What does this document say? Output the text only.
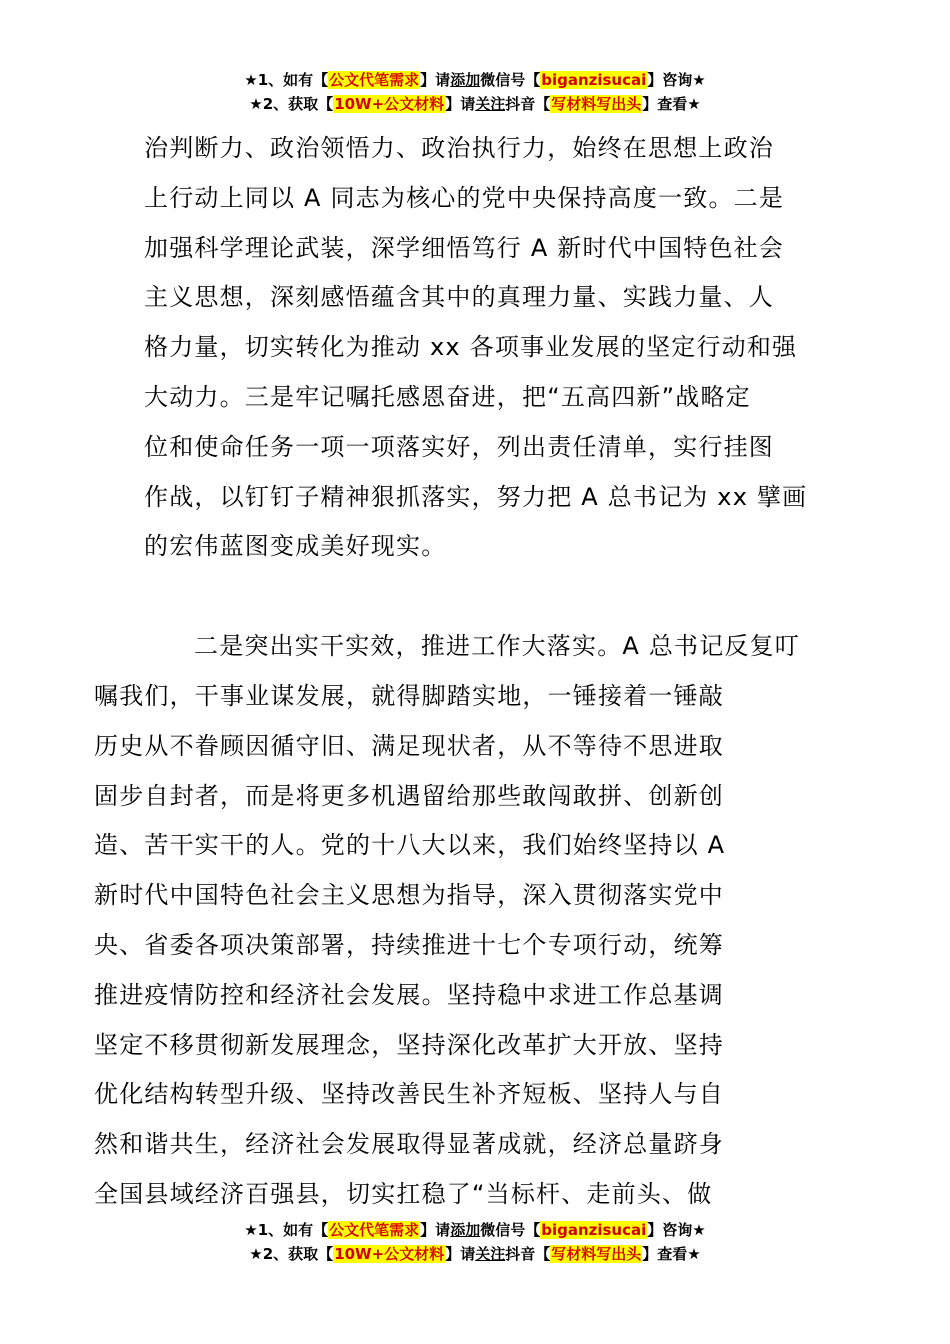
★1、如有【公文代笔需求】请添加微信号【biganzisucai】咨询★
★2、获取【10W+公文材料】请关注抖音【写材料写出头】查看★
治判断力、政治领悟力、政治执行力，始终在思想上政治
上行动上同以 A 同志为核心的党中央保持高度一致。二是
加强科学理论武装，深学细悟笃行 A 新时代中国特色社会
主义思想，深刻感悟蕴含其中的真理力量、实践力量、人
格力量，切实转化为推动 xx 各项事业发展的坚定行动和强
大动力。三是牢记嘱托感恩奋进，把“五高四新”战略定
位和使命任务一项一项落实好，列出责任清单，实行挂图
作战，以钉钉子精神狠抓落实，努力把 A 总书记为 xx 擘画
的宏伟蓝图变成美好现实。
二是突出实干实效，推进工作大落实。A 总书记反复叮
嘱我们，干事业谋发展，就得脚踏实地，一锤接着一锤敲
历史从不眷顾因循守旧、满足现状者，从不等待不思进取
固步自封者，而是将更多机遇留给那些敢闯敢拼、创新创
造、苦干实干的人。党的十八大以来，我们始终坚持以 A
新时代中国特色社会主义思想为指导，深入贯彻落实党中
央、省委各项决策部署，持续推进十七个专项行动，统筹
推进疫情防控和经济社会发展。坚持稳中求进工作总基调
坚定不移贯彻新发展理念，坚持深化改革扩大开放、坚持
优化结构转型升级、坚持改善民生补齐短板、坚持人与自
然和谐共生，经济社会发展取得显著成就，经济总量跻身
全国县域经济百强县，切实扛稳了“当标杆、走前头、做
★1、如有【公文代笔需求】请添加微信号【biganzisucai】咨询★
★2、获取【10W+公文材料】请关注抖音【写材料写出头】查看★
